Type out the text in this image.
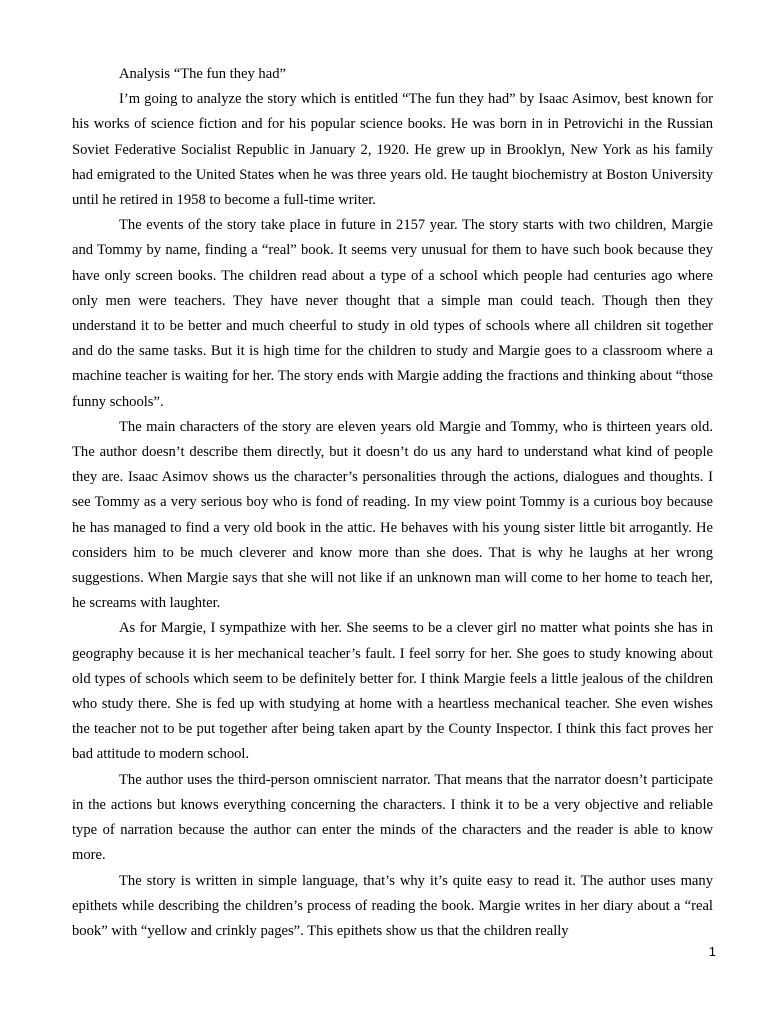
Analysis “The fun they had”

I’m going to analyze the story which is entitled “The fun they had” by Isaac Asimov, best known for his works of science fiction and for his popular science books. He was born in in Petrovichi in the Russian Soviet Federative Socialist Republic in January 2, 1920. He grew up in Brooklyn, New York as his family had emigrated to the United States when he was three years old. He taught biochemistry at Boston University until he retired in 1958 to become a full-time writer.

The events of the story take place in future in 2157 year. The story starts with two children, Margie and Tommy by name, finding a “real” book. It seems very unusual for them to have such book because they have only screen books. The children read about a type of a school which people had centuries ago where only men were teachers. They have never thought that a simple man could teach. Though then they understand it to be better and much cheerful to study in old types of schools where all children sit together and do the same tasks. But it is high time for the children to study and Margie goes to a classroom where a machine teacher is waiting for her. The story ends with Margie adding the fractions and thinking about “those funny schools”.

The main characters of the story are eleven years old Margie and Tommy, who is thirteen years old. The author doesn’t describe them directly, but it doesn’t do us any hard to understand what kind of people they are. Isaac Asimov shows us the character’s personalities through the actions, dialogues and thoughts. I see Tommy as a very serious boy who is fond of reading. In my view point Tommy is a curious boy because he has managed to find a very old book in the attic. He behaves with his young sister little bit arrogantly. He considers him to be much cleverer and know more than she does. That is why he laughs at her wrong suggestions. When Margie says that she will not like if an unknown man will come to her home to teach her, he screams with laughter.

As for Margie, I sympathize with her. She seems to be a clever girl no matter what points she has in geography because it is her mechanical teacher’s fault. I feel sorry for her. She goes to study knowing about old types of schools which seem to be definitely better for. I think Margie feels a little jealous of the children who study there. She is fed up with studying at home with a heartless mechanical teacher. She even wishes the teacher not to be put together after being taken apart by the County Inspector. I think this fact proves her bad attitude to modern school.

The author uses the third-person omniscient narrator. That means that the narrator doesn’t participate in the actions but knows everything concerning the characters. I think it to be a very objective and reliable type of narration because the author can enter the minds of the characters and the reader is able to know more.

The story is written in simple language, that’s why it’s quite easy to read it. The author uses many epithets while describing the children’s process of reading the book. Margie writes in her diary about a “real book” with “yellow and crinkly pages”. This epithets show us that the children really

1
